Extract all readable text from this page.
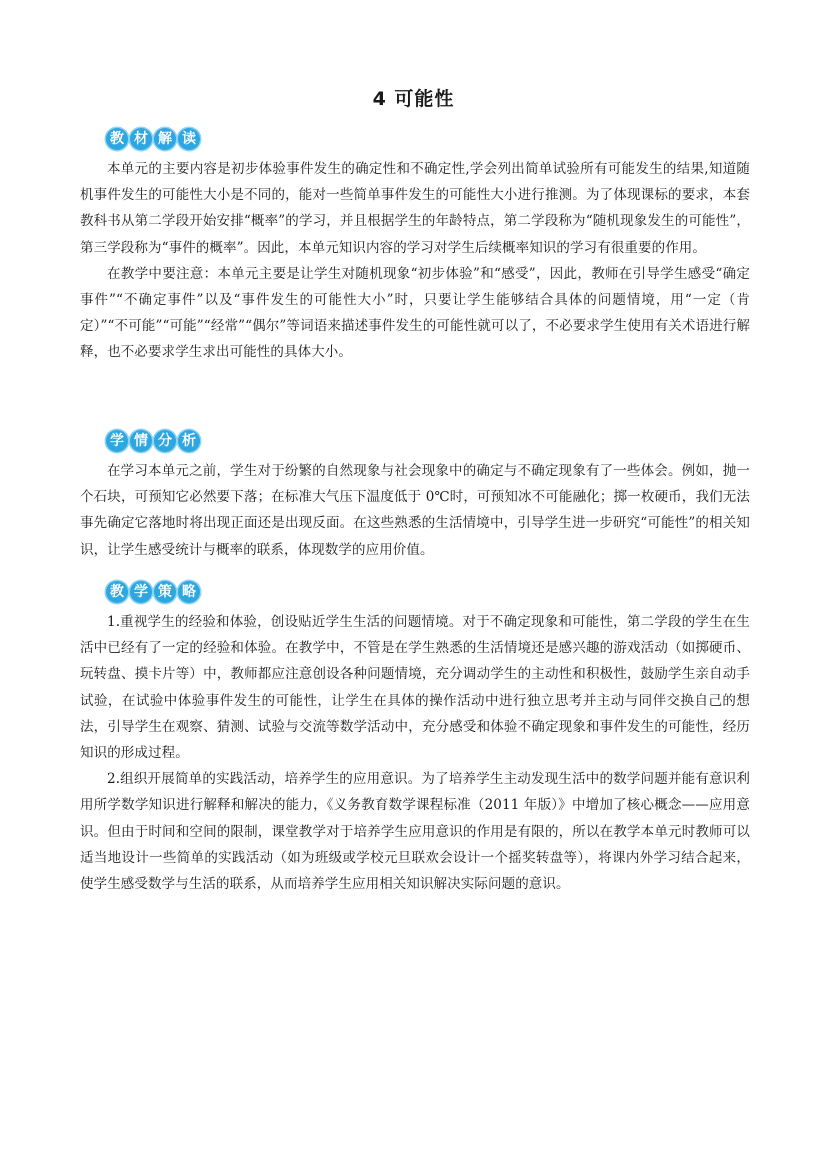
4 可能性
教 材 解 读

本单元的主要内容是初步体验事件发生的确定性和不确定性,学会列出简单试验所有可能发生的结果,知道随机事件发生的可能性大小是不同的，能对一些简单事件发生的可能性大小进行推测。为了体现课标的要求，本套教科书从第二学段开始安排“概率”的学习，并且根据学生的年龄特点，第二学段称为“随机现象发生的可能性”，第三学段称为“事件的概率”。因此，本单元知识内容的学习对学生后续概率知识的学习有很重要的作用。

在教学中要注意：本单元主要是让学生对随机现象“初步体验”和“感受”，因此，教师在引导学生感受“确定事件”“不确定事件”以及“事件发生的可能性大小”时，只要让学生能够结合具体的问题情境，用“一定（肯定）”“不可能”“可能”“经常”“偶尔”等词语来描述事件发生的可能性就可以了，不必要求学生使用有关术语进行解释，也不必要求学生求出可能性的具体大小。

学 情 分 析

在学习本单元之前，学生对于纷繁的自然现象与社会现象中的确定与不确定现象有了一些体会。例如，抛一个石块，可预知它必然要下落；在标准大气压下温度低于 0℃时，可预知冰不可能融化；掷一枚硬币，我们无法事先确定它落地时将出现正面还是出现反面。在这些熟悉的生活情境中，引导学生进一步研究“可能性”的相关知识，让学生感受统计与概率的联系，体现数学的应用价值。

教 学 策 略

1.重视学生的经验和体验，创设贴近学生生活的问题情境。对于不确定现象和可能性，第二学段的学生在生活中已经有了一定的经验和体验。在教学中，不管是在学生熟悉的生活情境还是感兴趣的游戏活动（如掷硬币、玩转盘、摸卡片等）中，教师都应注意创设各种问题情境，充分调动学生的主动性和积极性，鼓励学生亲自动手试验，在试验中体验事件发生的可能性，让学生在具体的操作活动中进行独立思考并主动与同伴交换自己的想法，引导学生在观察、猜测、试验与交流等数学活动中，充分感受和体验不确定现象和事件发生的可能性，经历知识的形成过程。

2.组织开展简单的实践活动，培养学生的应用意识。为了培养学生主动发现生活中的数学问题并能有意识利用所学数学知识进行解释和解决的能力，《义务教育数学课程标准（2011 年版）》中增加了核心概念——应用意识。但由于时间和空间的限制，课堂教学对于培养学生应用意识的作用是有限的，所以在教学本单元时教师可以适当地设计一些简单的实践活动（如为班级或学校元旦联欢会设计一个摇奖转盘等），将课内外学习结合起来，使学生感受数学与生活的联系，从而培养学生应用相关知识解决实际问题的意识。
